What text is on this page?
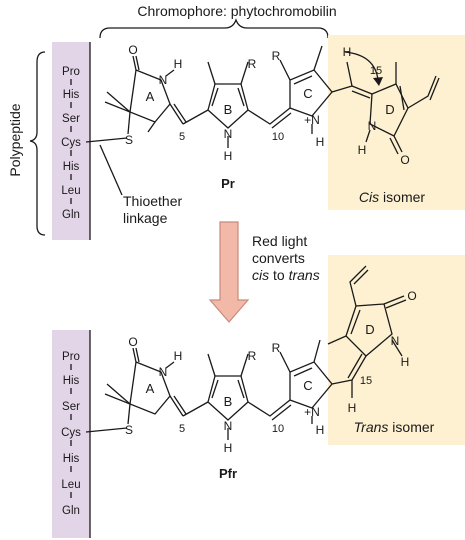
Chromophore: phytochromobilin
Polypeptide
Pro
His
Ser
Cys
His
Leu
Gln
Thioether
linkage
O
N
H
A
S	5
B
N
H
R
10
C
+N
H
R	H
15
D
N
H
O
Pr
Cis isomer
Red light
converts
cis to trans
Pro
His
Ser
Cys
His
Leu
Gln
O
N
H
A
S	5
B
N
H
R
10
C
+N
H
R
H
15
D
N
H
O
Pfr
Trans isomer
